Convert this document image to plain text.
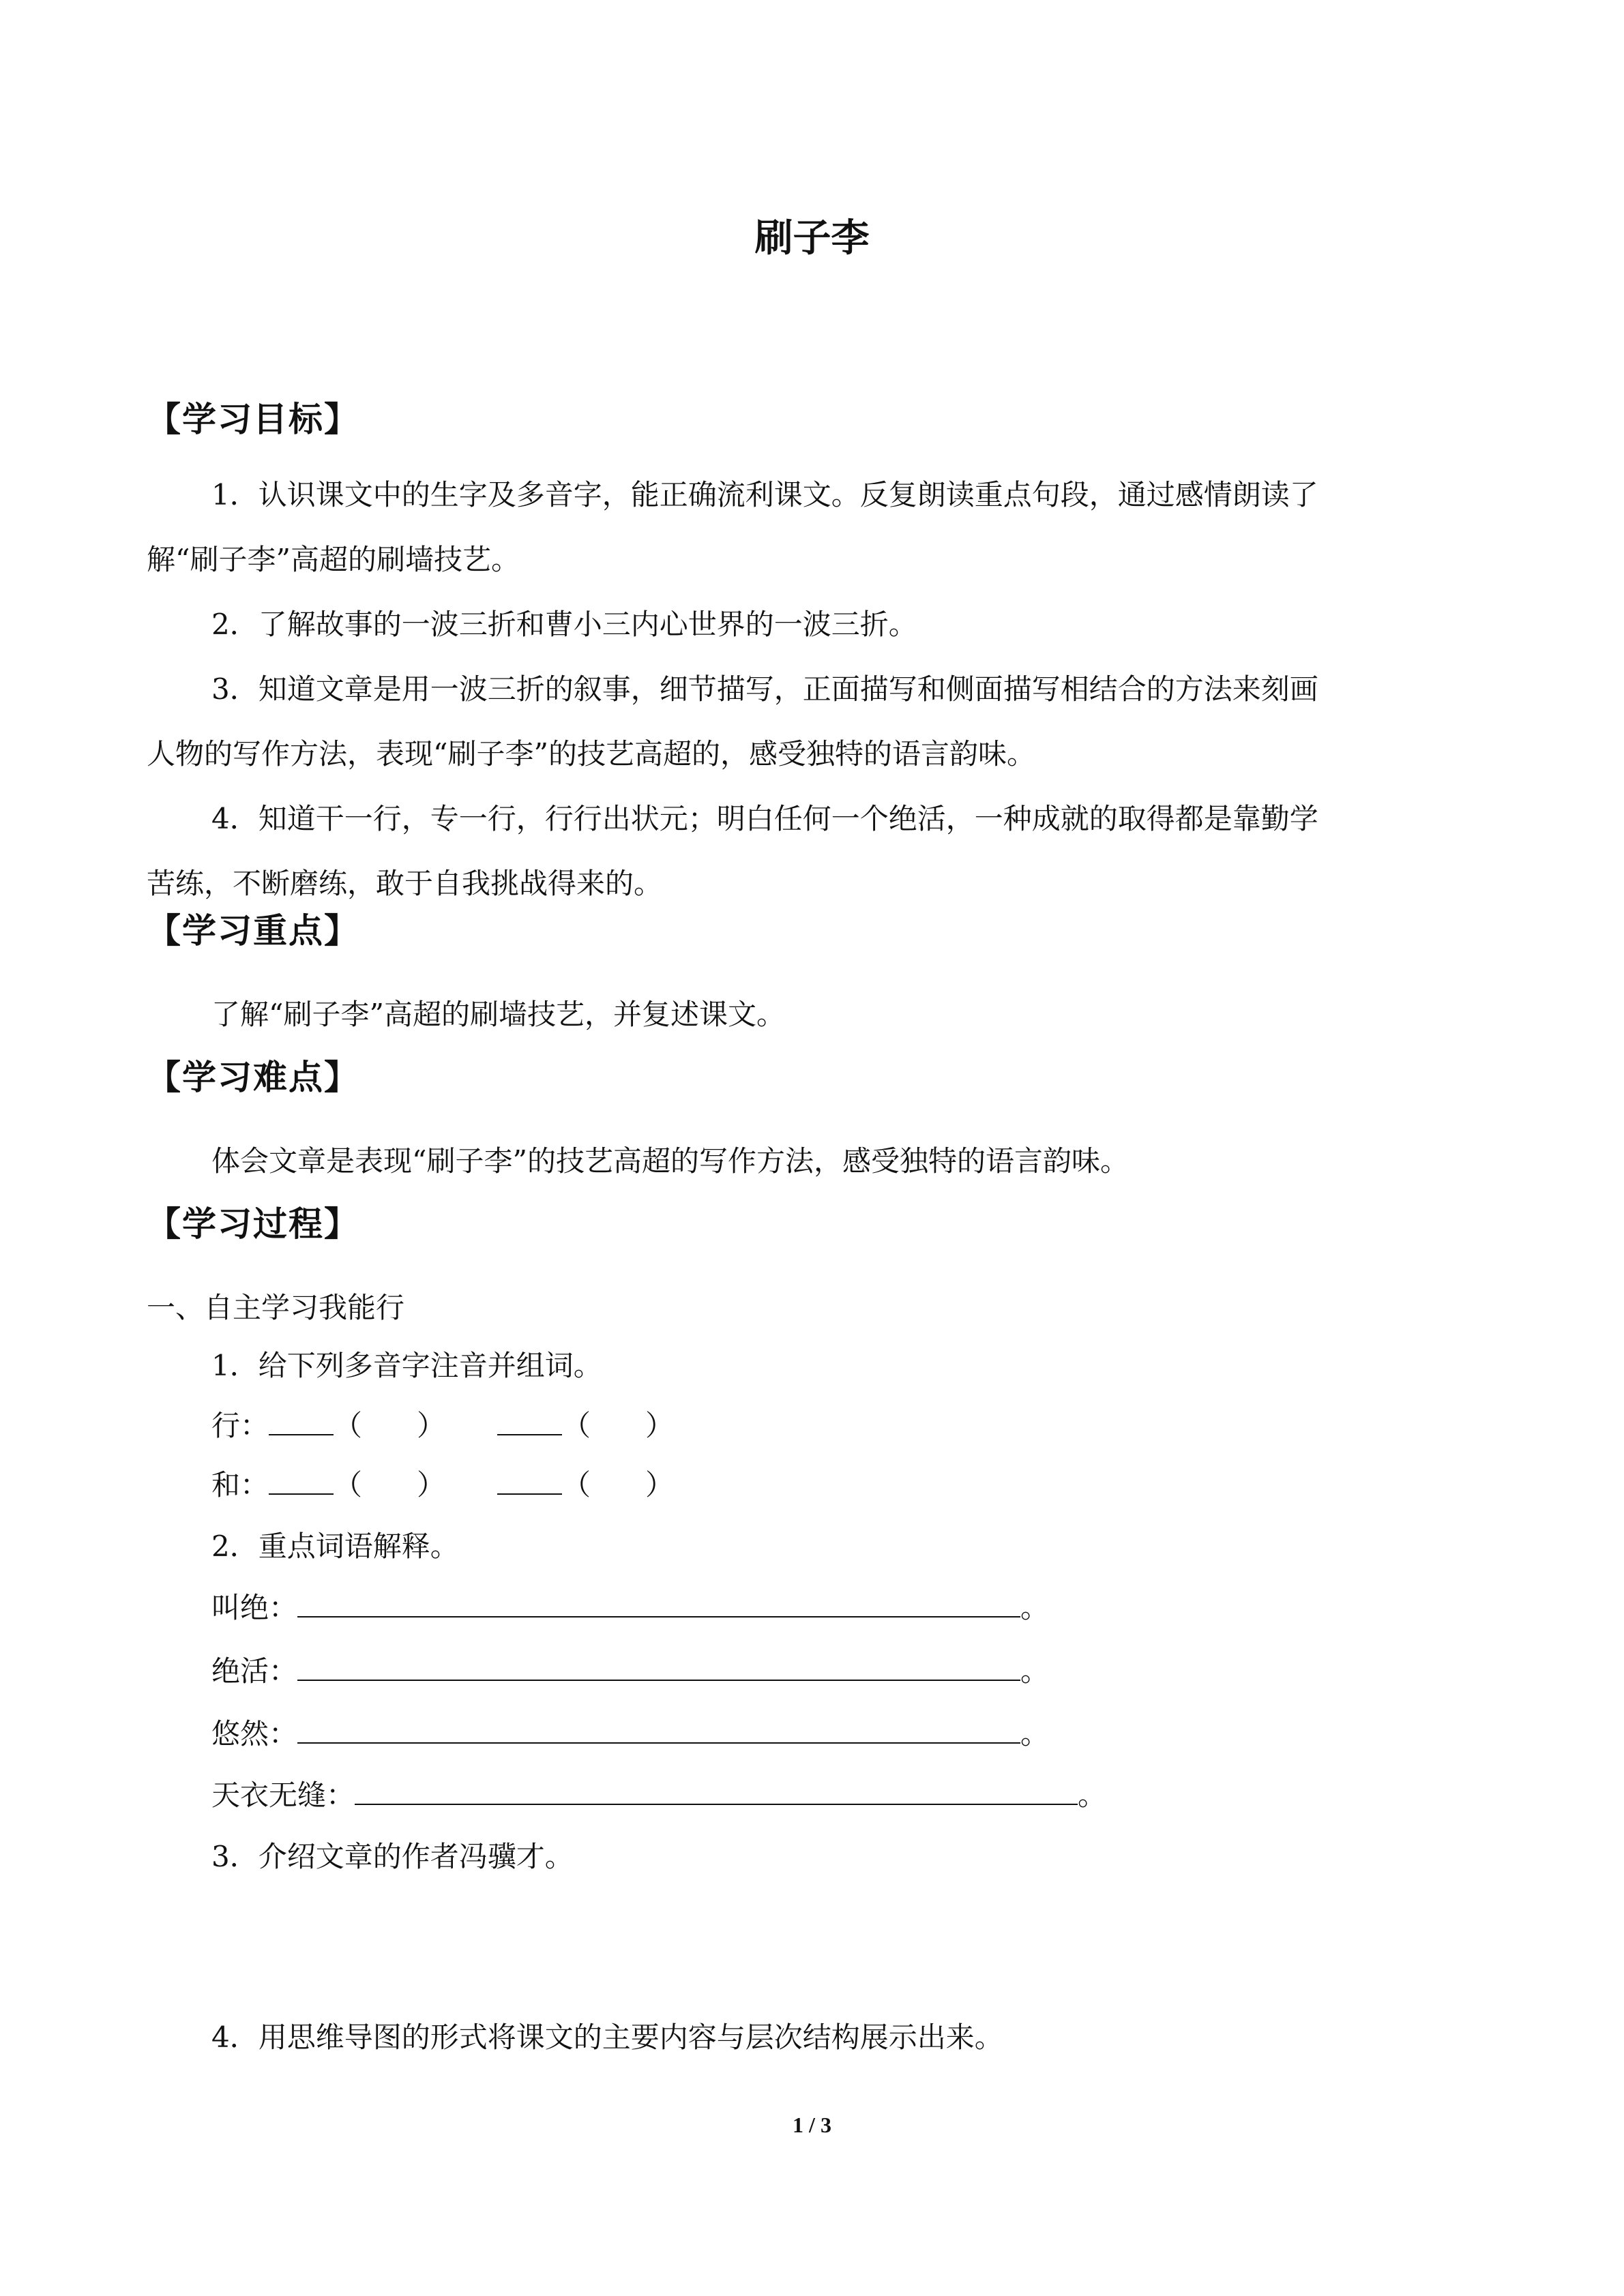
刷子李
【学习目标】
1．认识课文中的生字及多音字，能正确流利课文。反复朗读重点句段，通过感情朗读了
解“刷子李”高超的刷墙技艺。
2．了解故事的一波三折和曹小三内心世界的一波三折。
3．知道文章是用一波三折的叙事，细节描写，正面描写和侧面描写相结合的方法来刻画
人物的写作方法，表现“刷子李”的技艺高超的，感受独特的语言韵味。
4．知道干一行，专一行，行行出状元；明白任何一个绝活，一种成就的取得都是靠勤学
苦练，不断磨练，敢于自我挑战得来的。
【学习重点】
了解“刷子李”高超的刷墙技艺，并复述课文。
【学习难点】
体会文章是表现“刷子李”的技艺高超的写作方法，感受独特的语言韵味。
【学习过程】
一、自主学习我能行
1．给下列多音字注音并组词。
行： （ ）	（ ）
和： （ ）	（ ）
2．重点词语解释。
叫绝：	。
绝活：	。
悠然：	。
天衣无缝：	。
3．介绍文章的作者冯骥才。
4．用思维导图的形式将课文的主要内容与层次结构展示出来。
1 / 3
